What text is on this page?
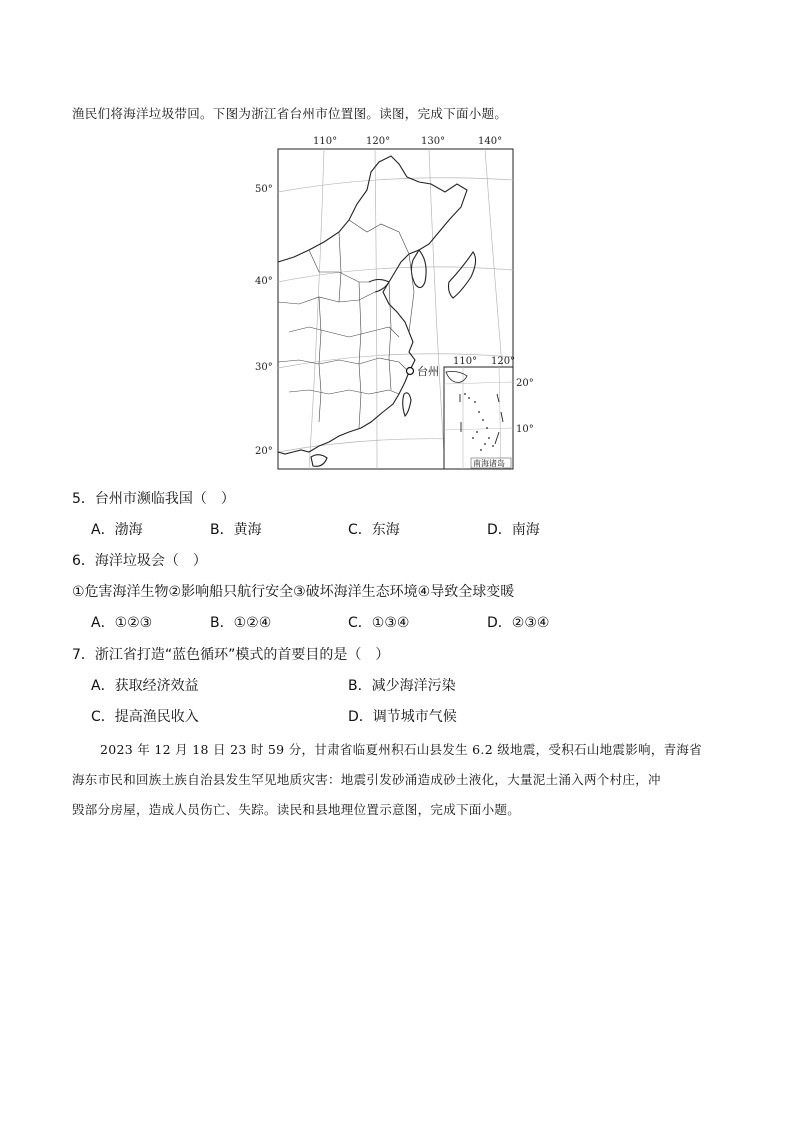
渔民们将海洋垃圾带回。下图为浙江省台州市位置图。读图，完成下面小题。
110°	120°	130°	140°
50°
40°
30°
20°
台州
110° 120°
20°
10°
南海诸岛
5．台州市濒临我国（　）
A．渤海	B．黄海	C．东海	D．南海
6．海洋垃圾会（　）
①危害海洋生物②影响船只航行安全③破坏海洋生态环境④导致全球变暖
A．①②③	B．①②④	C．①③④	D．②③④
7．浙江省打造“蓝色循环”模式的首要目的是（　）
A．获取经济效益	B．减少海洋污染
C．提高渔民收入	D．调节城市气候
2023 年 12 月 18 日 23 时 59 分，甘肃省临夏州积石山县发生 6.2 级地震，受积石山地震影响，青海省
海东市民和回族土族自治县发生罕见地质灾害：地震引发砂涌造成砂土液化，大量泥土涌入两个村庄，冲
毁部分房屋，造成人员伤亡、失踪。读民和县地理位置示意图，完成下面小题。
